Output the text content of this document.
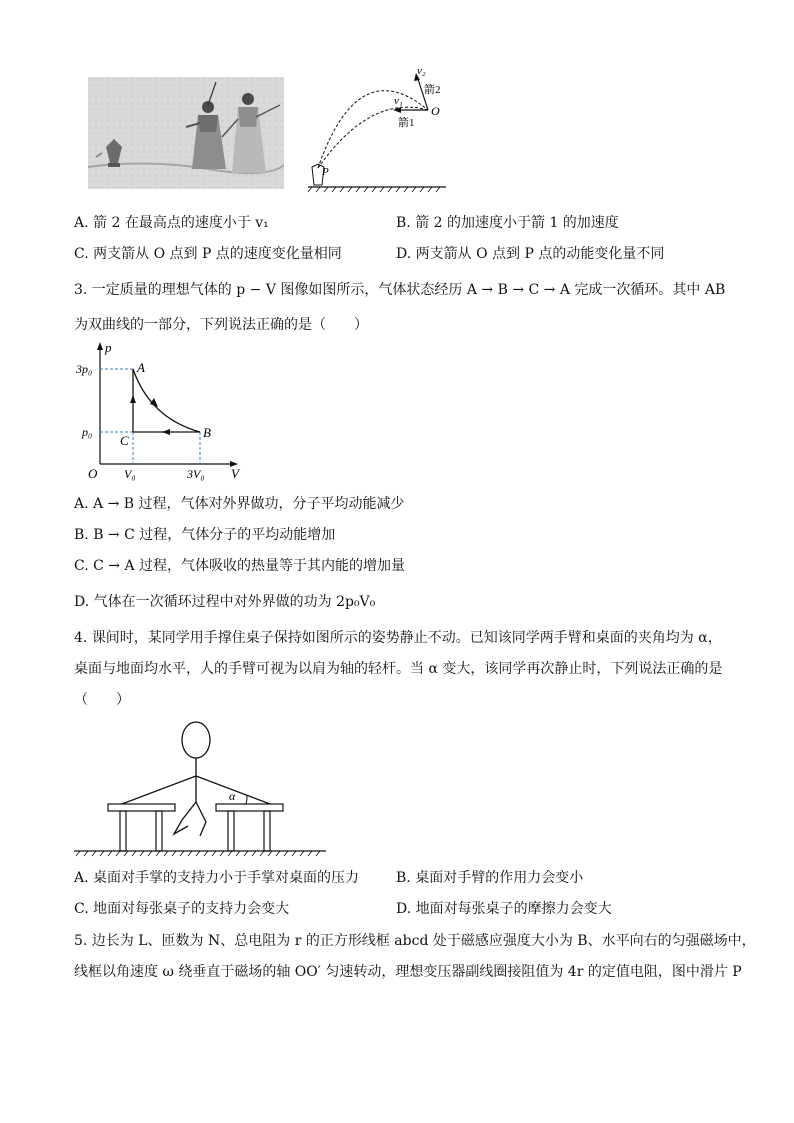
v₂
箭2
v₁
O
箭1
P
A. 箭 2 在最高点的速度小于 v₁	B. 箭 2 的加速度小于箭 1 的加速度
C. 两支箭从 O 点到 P 点的速度变化量相同	D. 两支箭从 O 点到 P 点的动能变化量不同
3. 一定质量的理想气体的 p − V 图像如图所示，气体状态经历 A → B → C → A 完成一次循环。其中 AB
为双曲线的一部分，下列说法正确的是（　　）
p
V
O
3p₀
p₀
V₀	3V₀
A
B
C
A. A → B 过程，气体对外界做功，分子平均动能减少
B. B → C 过程，气体分子的平均动能增加
C. C → A 过程，气体吸收的热量等于其内能的增加量
D. 气体在一次循环过程中对外界做的功为 2p₀V₀
4. 课间时，某同学用手撑住桌子保持如图所示的姿势静止不动。已知该同学两手臂和桌面的夹角均为 α，
桌面与地面均水平，人的手臂可视为以肩为轴的轻杆。当 α 变大，该同学再次静止时，下列说法正确的是
（　　）
α
A. 桌面对手掌的支持力小于手掌对桌面的压力	B. 桌面对手臂的作用力会变小
C. 地面对每张桌子的支持力会变大	D. 地面对每张桌子的摩擦力会变大
5. 边长为 L、匝数为 N、总电阻为 r 的正方形线框 abcd 处于磁感应强度大小为 B、水平向右的匀强磁场中，
线框以角速度 ω 绕垂直于磁场的轴 OO′ 匀速转动，理想变压器副线圈接阻值为 4r 的定值电阻，图中滑片 P
